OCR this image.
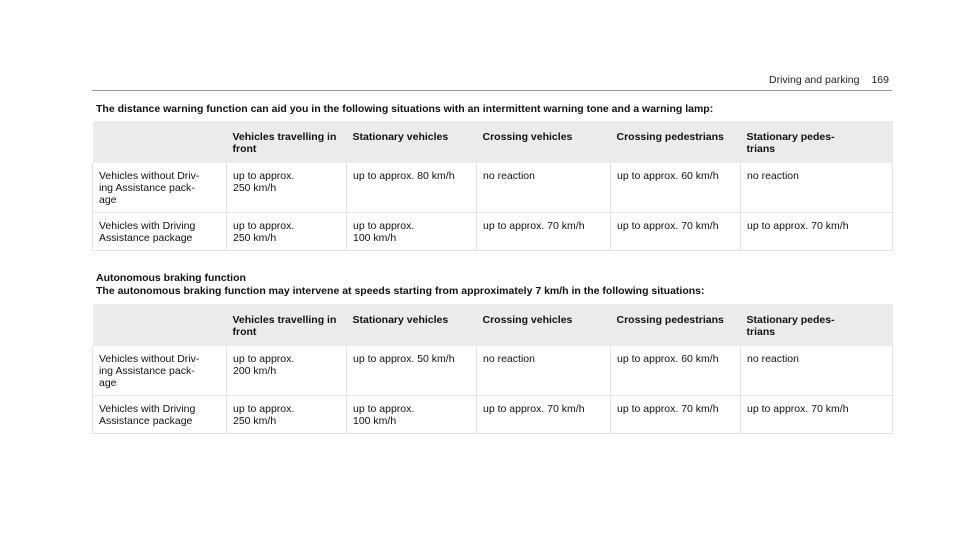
Driving and parking 169
The distance warning function can aid you in the following situations with an intermittent warning tone and a warning lamp:
	Vehicles travelling in
front	Stationary vehicles	Crossing vehicles	Crossing pedestrians	Stationary pedes-
trians
Vehicles without Driv-
ing Assistance pack-
age	up to approx.
250 km/h	up to approx. 80 km/h	no reaction	up to approx. 60 km/h	no reaction
Vehicles with Driving
Assistance package	up to approx.
250 km/h	up to approx.
100 km/h	up to approx. 70 km/h	up to approx. 70 km/h	up to approx. 70 km/h
Autonomous braking function
The autonomous braking function may intervene at speeds starting from approximately 7 km/h in the following situations:
	Vehicles travelling in
front	Stationary vehicles	Crossing vehicles	Crossing pedestrians	Stationary pedes-
trians
Vehicles without Driv-
ing Assistance pack-
age	up to approx.
200 km/h	up to approx. 50 km/h	no reaction	up to approx. 60 km/h	no reaction
Vehicles with Driving
Assistance package	up to approx.
250 km/h	up to approx.
100 km/h	up to approx. 70 km/h	up to approx. 70 km/h	up to approx. 70 km/h
